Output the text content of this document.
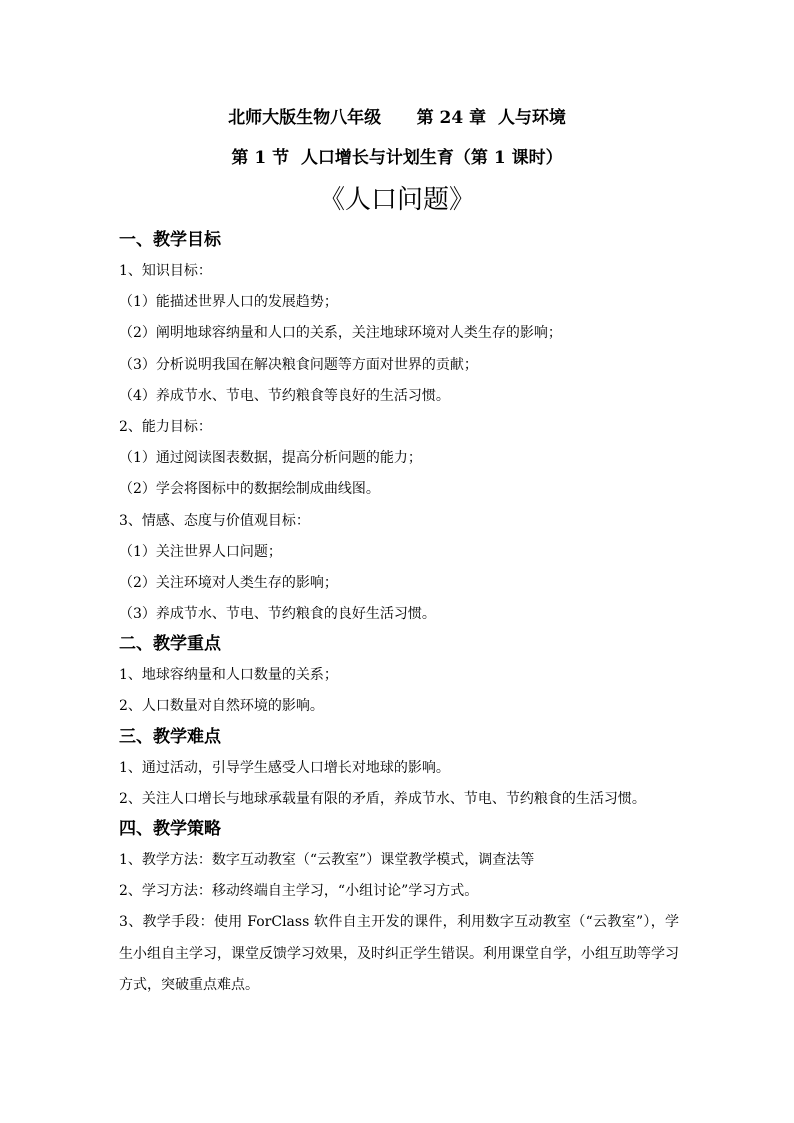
北师大版生物八年级      第 24 章  人与环境
第 1 节  人口增长与计划生育（第 1 课时）
《人口问题》
一、教学目标
1、知识目标：
（1）能描述世界人口的发展趋势；
（2）阐明地球容纳量和人口的关系，关注地球环境对人类生存的影响；
（3）分析说明我国在解决粮食问题等方面对世界的贡献；
（4）养成节水、节电、节约粮食等良好的生活习惯。
2、能力目标：
（1）通过阅读图表数据，提高分析问题的能力；
（2）学会将图标中的数据绘制成曲线图。
3、情感、态度与价值观目标：
（1）关注世界人口问题；
（2）关注环境对人类生存的影响；
（3）养成节水、节电、节约粮食的良好生活习惯。
二、教学重点
1、地球容纳量和人口数量的关系；
2、人口数量对自然环境的影响。
三、教学难点
1、通过活动，引导学生感受人口增长对地球的影响。
2、关注人口增长与地球承载量有限的矛盾，养成节水、节电、节约粮食的生活习惯。
四、教学策略
1、教学方法：数字互动教室（“云教室”）课堂教学模式，调查法等
2、学习方法：移动终端自主学习，“小组讨论”学习方式。
3、教学手段：使用 ForClass 软件自主开发的课件，利用数字互动教室（“云教室”），学生小组自主学习，课堂反馈学习效果，及时纠正学生错误。利用课堂自学，小组互助等学习方式，突破重点难点。
